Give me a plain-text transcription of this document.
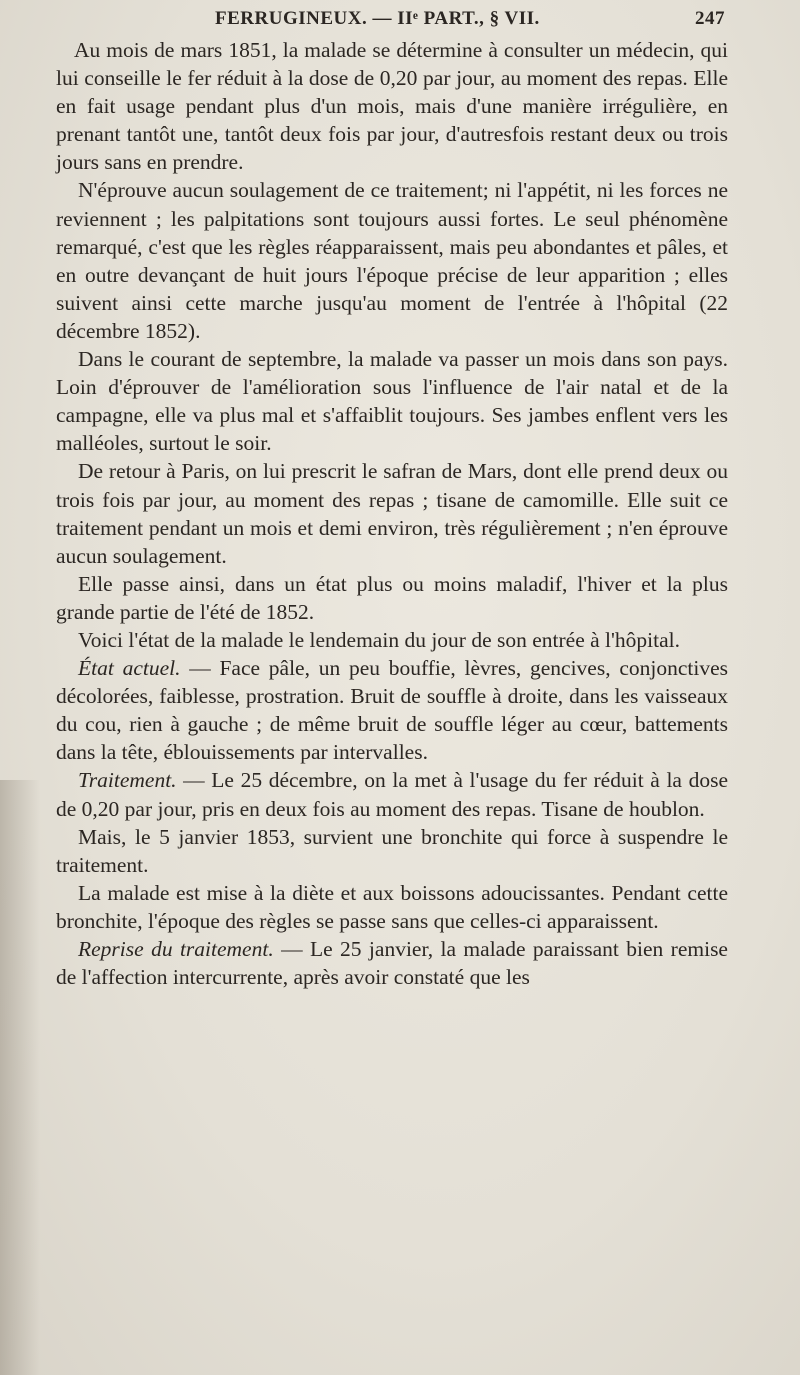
FERRUGINEUX. — IIᵉ PART., § VII.	247

Au mois de mars 1851, la malade se détermine à consulter un médecin, qui lui conseille le fer réduit à la dose de 0,20 par jour, au moment des repas. Elle en fait usage pendant plus d'un mois, mais d'une manière irrégulière, en prenant tantôt une, tantôt deux fois par jour, d'autresfois restant deux ou trois jours sans en prendre.

N'éprouve aucun soulagement de ce traitement; ni l'appétit, ni les forces ne reviennent ; les palpitations sont toujours aussi fortes. Le seul phénomène remarqué, c'est que les règles réapparaissent, mais peu abondantes et pâles, et en outre devançant de huit jours l'époque précise de leur apparition ; elles suivent ainsi cette marche jusqu'au moment de l'entrée à l'hôpital (22 décembre 1852).

Dans le courant de septembre, la malade va passer un mois dans son pays. Loin d'éprouver de l'amélioration sous l'influence de l'air natal et de la campagne, elle va plus mal et s'affaiblit toujours. Ses jambes enflent vers les malléoles, surtout le soir.

De retour à Paris, on lui prescrit le safran de Mars, dont elle prend deux ou trois fois par jour, au moment des repas ; tisane de camomille. Elle suit ce traitement pendant un mois et demi environ, très régulièrement ; n'en éprouve aucun soulagement.

Elle passe ainsi, dans un état plus ou moins maladif, l'hiver et la plus grande partie de l'été de 1852.

Voici l'état de la malade le lendemain du jour de son entrée à l'hôpital.

État actuel. — Face pâle, un peu bouffie, lèvres, gencives, conjonctives décolorées, faiblesse, prostration. Bruit de souffle à droite, dans les vaisseaux du cou, rien à gauche ; de même bruit de souffle léger au cœur, battements dans la tête, éblouissements par intervalles.

Traitement. — Le 25 décembre, on la met à l'usage du fer réduit à la dose de 0,20 par jour, pris en deux fois au moment des repas. Tisane de houblon.

Mais, le 5 janvier 1853, survient une bronchite qui force à suspendre le traitement.

La malade est mise à la diète et aux boissons adoucissantes. Pendant cette bronchite, l'époque des règles se passe sans que celles-ci apparaissent.

Reprise du traitement. — Le 25 janvier, la malade paraissant bien remise de l'affection intercurrente, après avoir constaté que les
